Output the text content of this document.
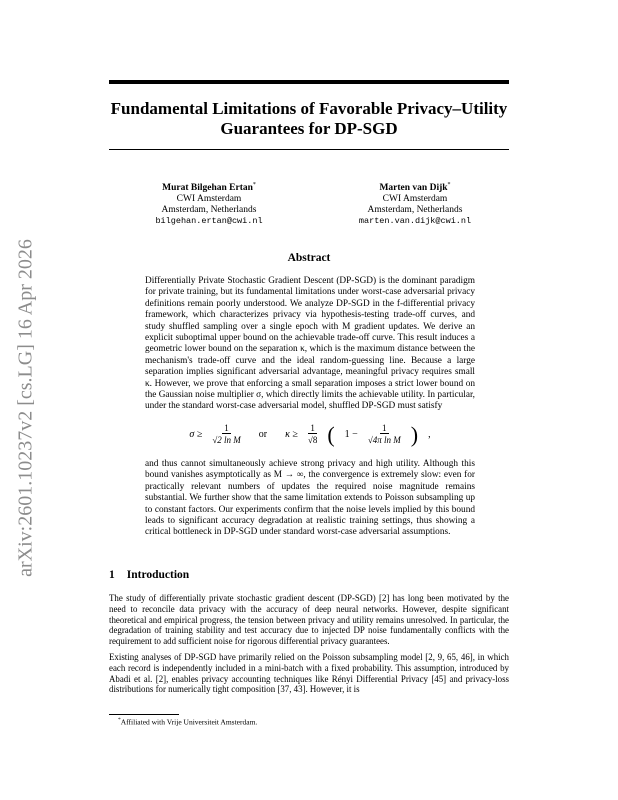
arXiv:2601.10237v2 [cs.LG] 16 Apr 2026
Fundamental Limitations of Favorable Privacy–Utility Guarantees for DP-SGD
Murat Bilgehan Ertan*
CWI Amsterdam
Amsterdam, Netherlands
bilgehan.ertan@cwi.nl
Marten van Dijk*
CWI Amsterdam
Amsterdam, Netherlands
marten.van.dijk@cwi.nl
Abstract

Differentially Private Stochastic Gradient Descent (DP-SGD) is the dominant paradigm for private training, but its fundamental limitations under worst-case adversarial privacy definitions remain poorly understood. We analyze DP-SGD in the f-differential privacy framework, which characterizes privacy via hypothesis-testing trade-off curves, and study shuffled sampling over a single epoch with M gradient updates. We derive an explicit suboptimal upper bound on the achievable trade-off curve. This result induces a geometric lower bound on the separation κ, which is the maximum distance between the mechanism's trade-off curve and the ideal random-guessing line. Because a large separation implies significant adversarial advantage, meaningful privacy requires small κ. However, we prove that enforcing a small separation imposes a strict lower bound on the Gaussian noise multiplier σ, which directly limits the achievable utility. In particular, under the standard worst-case adversarial model, shuffled DP-SGD must satisfy

$\sigma \ge \frac{1}{\text{√2 ln M}}$ or $\kappa \ge \frac{1}{√8}$ ( $1 - \frac{1}{\text{√4π ln M}}$ ) ,

and thus cannot simultaneously achieve strong privacy and high utility. Although this bound vanishes asymptotically as M → ∞, the convergence is extremely slow: even for practically relevant numbers of updates the required noise magnitude remains substantial. We further show that the same limitation extends to Poisson subsampling up to constant factors. Our experiments confirm that the noise levels implied by this bound leads to significant accuracy degradation at realistic training settings, thus showing a critical bottleneck in DP-SGD under standard worst-case adversarial assumptions.

1 Introduction

The study of differentially private stochastic gradient descent (DP-SGD) [2] has long been motivated by the need to reconcile data privacy with the accuracy of deep neural networks. However, despite significant theoretical and empirical progress, the tension between privacy and utility remains unresolved. In particular, the degradation of training stability and test accuracy due to injected DP noise fundamentally conflicts with the requirement to add sufficient noise for rigorous differential privacy guarantees.

Existing analyses of DP-SGD have primarily relied on the Poisson subsampling model [2, 9, 65, 46], in which each record is independently included in a mini-batch with a fixed probability. This assumption, introduced by Abadi et al. [2], enables privacy accounting techniques like Rényi Differential Privacy [45] and privacy-loss distributions for numerically tight composition [37, 43]. However, it is

*Affiliated with Vrije Universiteit Amsterdam.
